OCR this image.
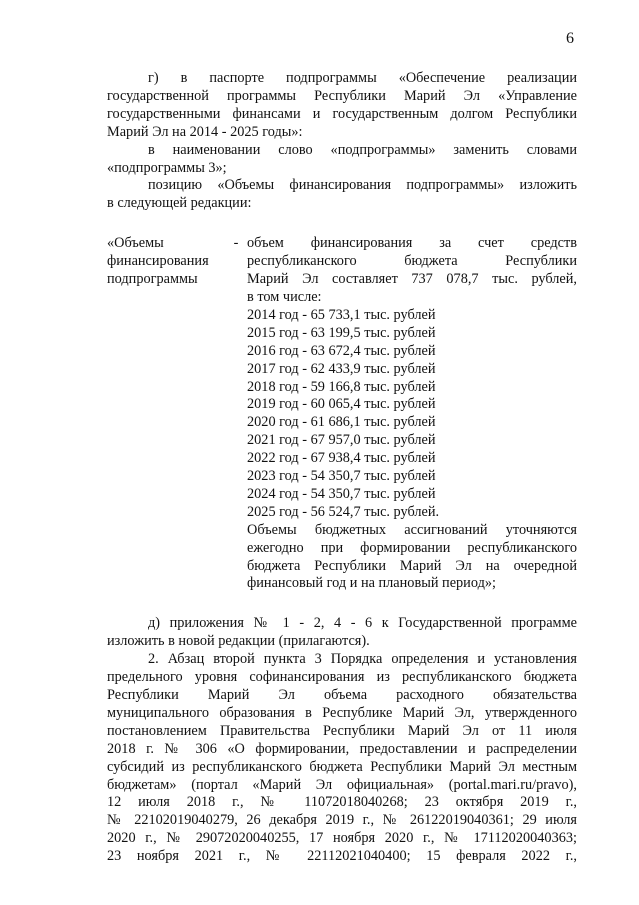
6

г) в паспорте подпрограммы «Обеспечение реализации

государственной программы Республики Марий Эл «Управление

государственными финансами и государственным долгом Республики

Марий Эл на 2014 - 2025 годы»:

в наименовании слово «подпрограммы» заменить словами

«подпрограммы 3»;

позицию «Объемы финансирования подпрограммы» изложить

в следующей редакции:

«Объемы

финансирования

подпрограммы

- объем финансирования за счет средств

республиканского бюджета Республики

Марий Эл составляет 737 078,7 тыс. рублей,

в том числе:

2014 год - 65 733,1 тыс. рублей

2015 год - 63 199,5 тыс. рублей

2016 год - 63 672,4 тыс. рублей

2017 год - 62 433,9 тыс. рублей

2018 год - 59 166,8 тыс. рублей

2019 год - 60 065,4 тыс. рублей

2020 год - 61 686,1 тыс. рублей

2021 год - 67 957,0 тыс. рублей

2022 год - 67 938,4 тыс. рублей

2023 год - 54 350,7 тыс. рублей

2024 год - 54 350,7 тыс. рублей

2025 год - 56 524,7 тыс. рублей.

Объемы бюджетных ассигнований уточняются

ежегодно при формировании республиканского

бюджета Республики Марий Эл на очередной

финансовый год и на плановый период»;

д) приложения № 1 - 2, 4 - 6 к Государственной программе

изложить в новой редакции (прилагаются).

2. Абзац второй пункта 3 Порядка определения и установления

предельного уровня софинансирования из республиканского бюджета

Республики Марий Эл объема расходного обязательства

муниципального образования в Республике Марий Эл, утвержденного

постановлением Правительства Республики Марий Эл от 11 июля

2018 г. № 306 «О формировании, предоставлении и распределении

субсидий из республиканского бюджета Республики Марий Эл местным

бюджетам» (портал «Марий Эл официальная» (portal.mari.ru/pravo),

12 июля 2018 г., № 11072018040268; 23 октября 2019 г.,

№ 22102019040279, 26 декабря 2019 г., № 26122019040361; 29 июля

2020 г., № 29072020040255, 17 ноября 2020 г., № 17112020040363;

23 ноября 2021 г., № 22112021040400; 15 февраля 2022 г.,
